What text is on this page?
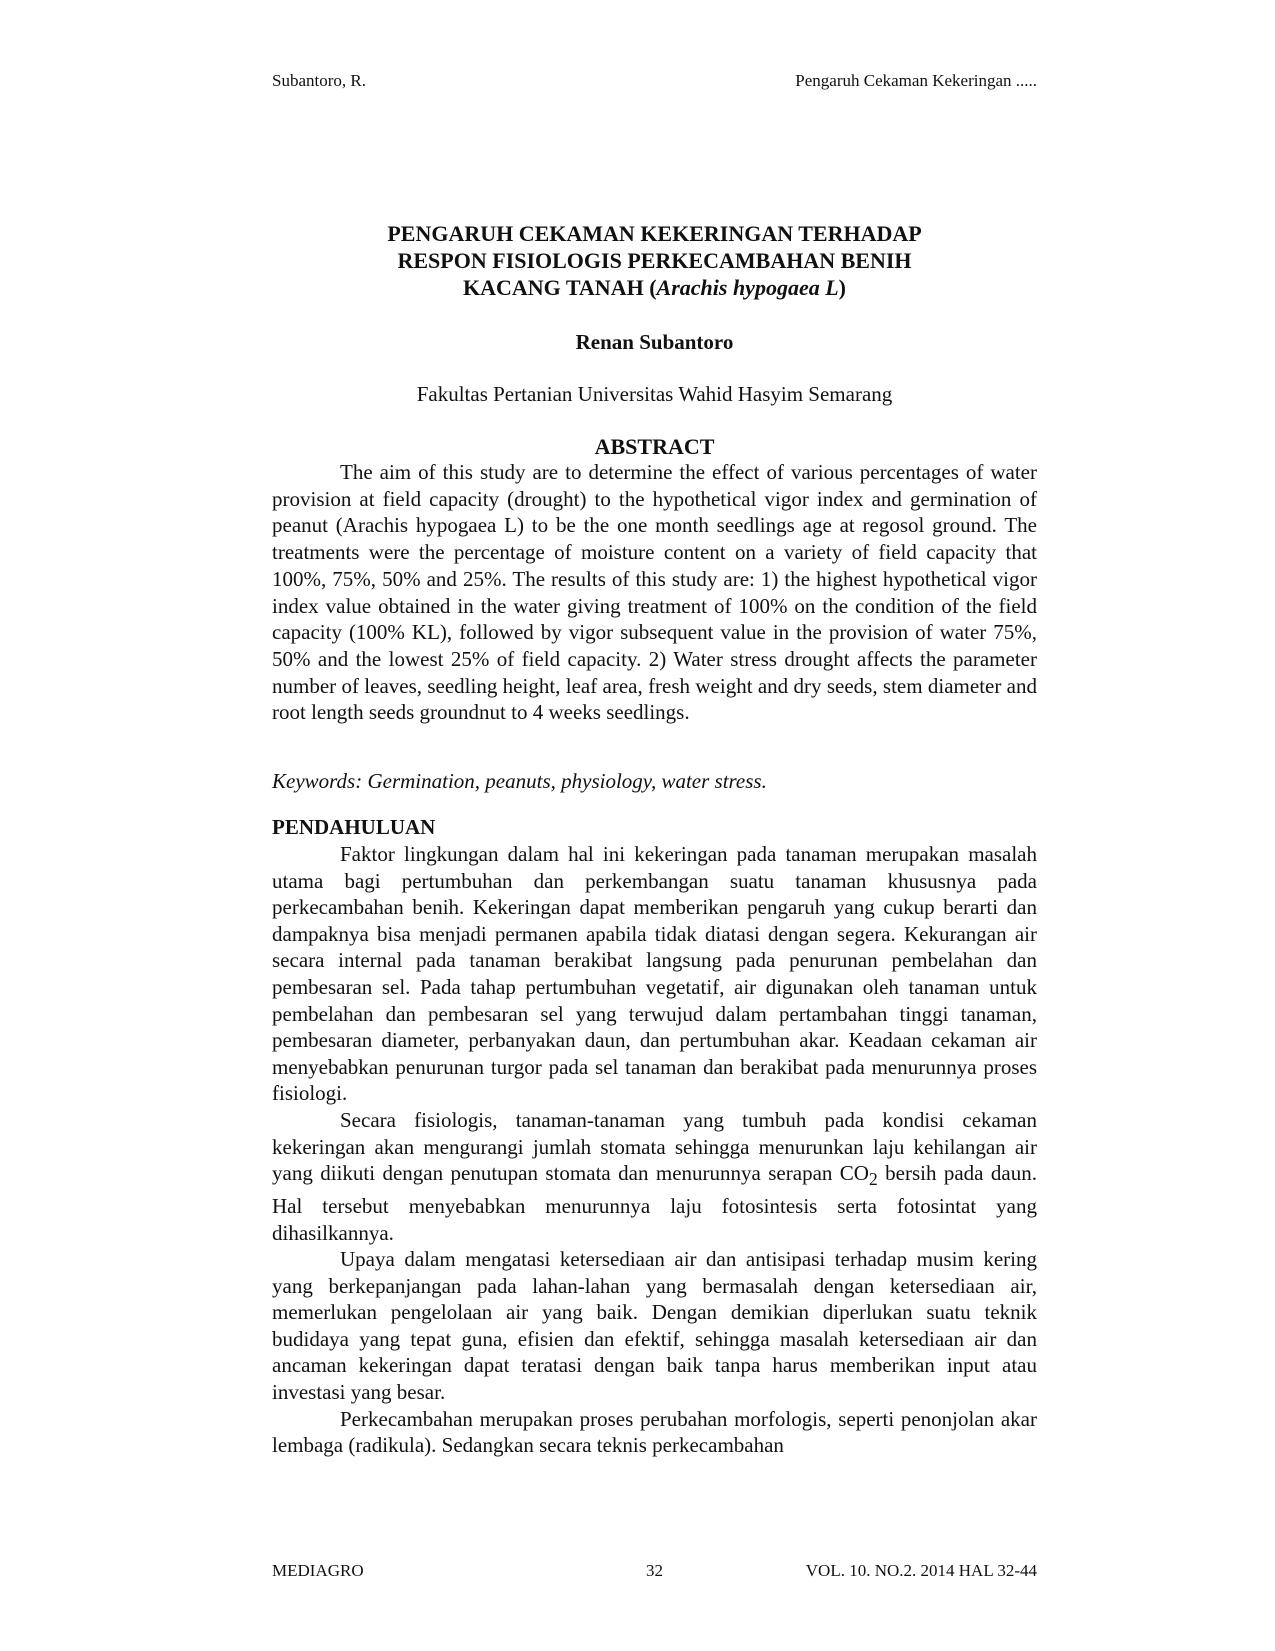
Subantoro, R.	Pengaruh Cekaman Kekeringan .....
PENGARUH CEKAMAN KEKERINGAN TERHADAP
RESPON FISIOLOGIS PERKECAMBAHAN BENIH
KACANG TANAH (Arachis hypogaea L)
Renan Subantoro
Fakultas Pertanian Universitas Wahid Hasyim Semarang
ABSTRACT

The aim of this study are to determine the effect of various percentages of water provision at field capacity (drought) to the hypothetical vigor index and germination of peanut (Arachis hypogaea L) to be the one month seedlings age at regosol ground. The treatments were the percentage of moisture content on a variety of field capacity that 100%, 75%, 50% and 25%. The results of this study are: 1) the highest hypothetical vigor index value obtained in the water giving treatment of 100% on the condition of the field capacity (100% KL), followed by vigor subsequent value in the provision of water 75%, 50% and the lowest 25% of field capacity. 2) Water stress drought affects the parameter number of leaves, seedling height, leaf area, fresh weight and dry seeds, stem diameter and root length seeds groundnut to 4 weeks seedlings.

Keywords: Germination, peanuts, physiology, water stress.
PENDAHULUAN

Faktor lingkungan dalam hal ini kekeringan pada tanaman merupakan masalah utama bagi pertumbuhan dan perkembangan suatu tanaman khususnya pada perkecambahan benih. Kekeringan dapat memberikan pengaruh yang cukup berarti dan dampaknya bisa menjadi permanen apabila tidak diatasi dengan segera. Kekurangan air secara internal pada tanaman berakibat langsung pada penurunan pembelahan dan pembesaran sel. Pada tahap pertumbuhan vegetatif, air digunakan oleh tanaman untuk pembelahan dan pembesaran sel yang terwujud dalam pertambahan tinggi tanaman, pembesaran diameter, perbanyakan daun, dan pertumbuhan akar. Keadaan cekaman air menyebabkan penurunan turgor pada sel tanaman dan berakibat pada menurunnya proses fisiologi.

Secara fisiologis, tanaman-tanaman yang tumbuh pada kondisi cekaman kekeringan akan mengurangi jumlah stomata sehingga menurunkan laju kehilangan air yang diikuti dengan penutupan stomata dan menurunnya serapan $CO_2$ bersih pada daun. Hal tersebut menyebabkan menurunnya laju fotosintesis serta fotosintat yang dihasilkannya.

Upaya dalam mengatasi ketersediaan air dan antisipasi terhadap musim kering yang berkepanjangan pada lahan-lahan yang bermasalah dengan ketersediaan air, memerlukan pengelolaan air yang baik. Dengan demikian diperlukan suatu teknik budidaya yang tepat guna, efisien dan efektif, sehingga masalah ketersediaan air dan ancaman kekeringan dapat teratasi dengan baik tanpa harus memberikan input atau investasi yang besar.

Perkecambahan merupakan proses perubahan morfologis, seperti penonjolan akar lembaga (radikula). Sedangkan secara teknis perkecambahan

MEDIAGRO	32	VOL. 10. NO.2. 2014 HAL 32-44
